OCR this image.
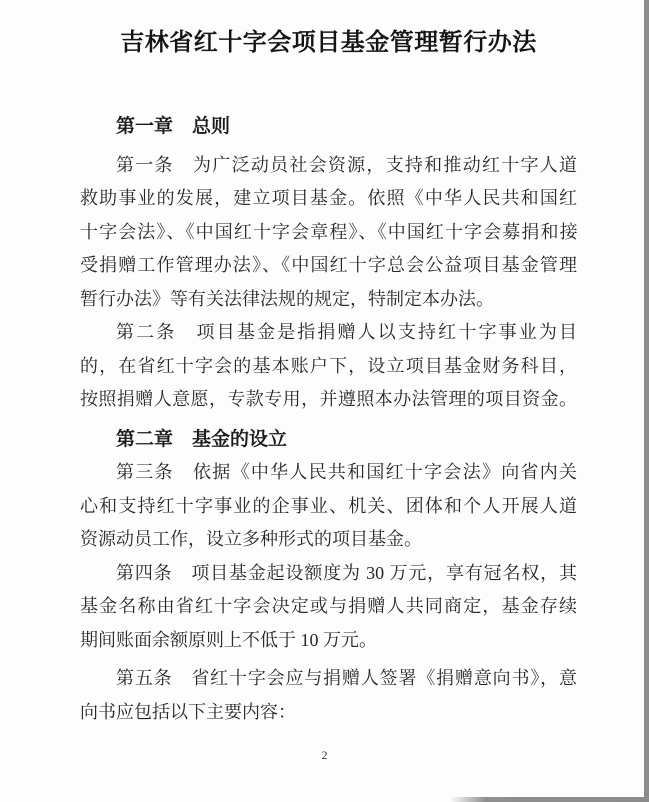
吉林省红十字会项目基金管理暂行办法
第一章　总则
第一条　为广泛动员社会资源，支持和推动红十字人道
救助事业的发展，建立项目基金。依照《中华人民共和国红
十字会法》、《中国红十字会章程》、《中国红十字会募捐和接
受捐赠工作管理办法》、《中国红十字总会公益项目基金管理
暂行办法》等有关法律法规的规定，特制定本办法。
第二条　项目基金是指捐赠人以支持红十字事业为目
的，在省红十字会的基本账户下，设立项目基金财务科目，
按照捐赠人意愿，专款专用，并遵照本办法管理的项目资金。
第二章　基金的设立
第三条　依据《中华人民共和国红十字会法》向省内关
心和支持红十字事业的企事业、机关、团体和个人开展人道
资源动员工作，设立多种形式的项目基金。
第四条　项目基金起设额度为 30 万元，享有冠名权，其
基金名称由省红十字会决定或与捐赠人共同商定，基金存续
期间账面余额原则上不低于 10 万元。
第五条　省红十字会应与捐赠人签署《捐赠意向书》，意
向书应包括以下主要内容：
2
